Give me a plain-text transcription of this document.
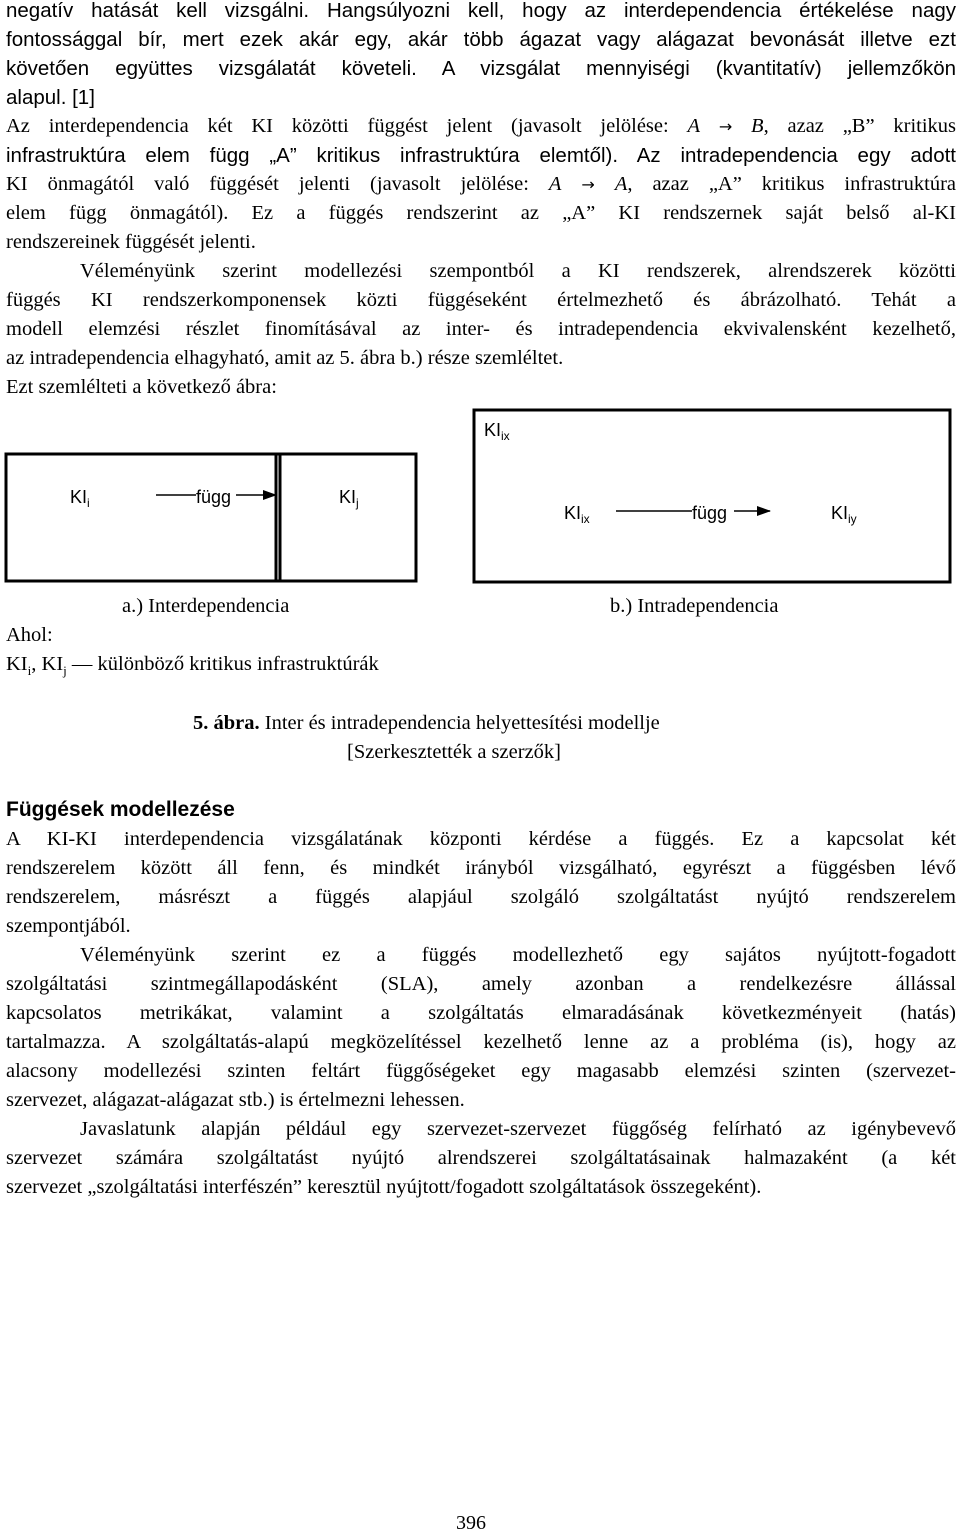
negatív hatását kell vizsgálni. Hangsúlyozni kell, hogy az interdependencia értékelése nagy
fontossággal bír, mert ezek akár egy, akár több ágazat vagy alágazat bevonását illetve ezt
követően együttes vizsgálatát követeli. A vizsgálat mennyiségi (kvantitatív) jellemzőkön
alapul. [1]
Az interdependencia két KI közötti függést jelent (javasolt jelölése: A → B, azaz „B” kritikus
infrastruktúra elem függ „A” kritikus infrastruktúra elemtől). Az intradependencia egy adott
KI önmagától való függését jelenti (javasolt jelölése: A → A, azaz „A” kritikus infrastruktúra
elem függ önmagától). Ez a függés rendszerint az „A” KI rendszernek saját belső al-KI
rendszereinek függését jelenti.
Véleményünk szerint modellezési szempontból a KI rendszerek, alrendszerek közötti
függés KI rendszerkomponensek közti függéseként értelmezhető és ábrázolható. Tehát a
modell elemzési részlet finomításával az inter- és intradependencia ekvivalensként kezelhető,
az intradependencia elhagyható, amit az 5. ábra b.) része szemléltet.
Ezt szemlélteti a következő ábra:
$KI_i$	függ	$KI_j$
$KI_{ix}$
$KI_{ix}$	függ	$KI_{iy}$
a.) Interdependencia	b.) Intradependencia
Ahol:
$KI_i$, $KI_j$ — különböző kritikus infrastruktúrák
5. ábra. Inter és intradependencia helyettesítési modellje
[Szerkesztették a szerzők]
Függések modellezése
A KI-KI interdependencia vizsgálatának központi kérdése a függés. Ez a kapcsolat két
rendszerelem között áll fenn, és mindkét irányból vizsgálható, egyrészt a függésben lévő
rendszerelem, másrészt a függés alapjául szolgáló szolgáltatást nyújtó rendszerelem
szempontjából.
Véleményünk szerint ez a függés modellezhető egy sajátos nyújtott-fogadott
szolgáltatási szintmegállapodásként (SLA), amely azonban a rendelkezésre állással
kapcsolatos metrikákat, valamint a szolgáltatás elmaradásának következményeit (hatás)
tartalmazza. A szolgáltatás-alapú megközelítéssel kezelhető lenne az a probléma (is), hogy az
alacsony modellezési szinten feltárt függőségeket egy magasabb elemzési szinten (szervezet-
szervezet, alágazat-alágazat stb.) is értelmezni lehessen.
Javaslatunk alapján például egy szervezet-szervezet függőség felírható az igénybevevő
szervezet számára szolgáltatást nyújtó alrendszerei szolgáltatásainak halmazaként (a két
szervezet „szolgáltatási interfészén” keresztül nyújtott/fogadott szolgáltatások összegeként).
396
